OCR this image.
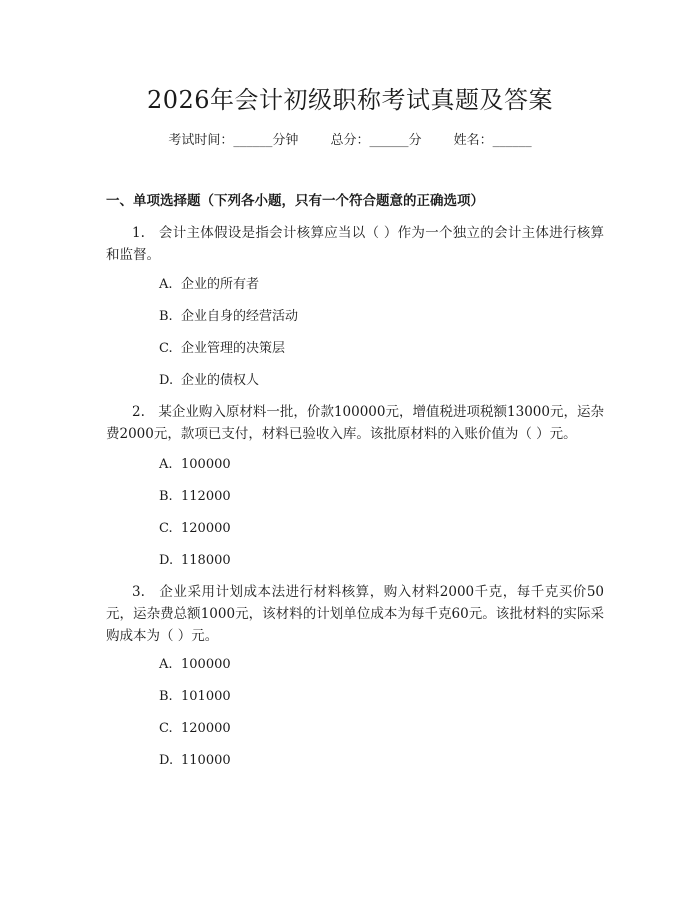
2026年会计初级职称考试真题及答案
考试时间：______分钟 总分：______分 姓名：______
一、单项选择题（下列各小题，只有一个符合题意的正确选项）
1.　会计主体假设是指会计核算应当以（ ）作为一个独立的会计主体进行核算和监督。
A. 企业的所有者
B. 企业自身的经营活动
C. 企业管理的决策层
D. 企业的债权人
2.　某企业购入原材料一批，价款100000元，增值税进项税额13000元，运杂费2000元，款项已支付，材料已验收入库。该批原材料的入账价值为（ ）元。
A. 100000
B. 112000
C. 120000
D. 118000
3.　企业采用计划成本法进行材料核算，购入材料2000千克，每千克买价50元，运杂费总额1000元，该材料的计划单位成本为每千克60元。该批材料的实际采购成本为（ ）元。
A. 100000
B. 101000
C. 120000
D. 110000
